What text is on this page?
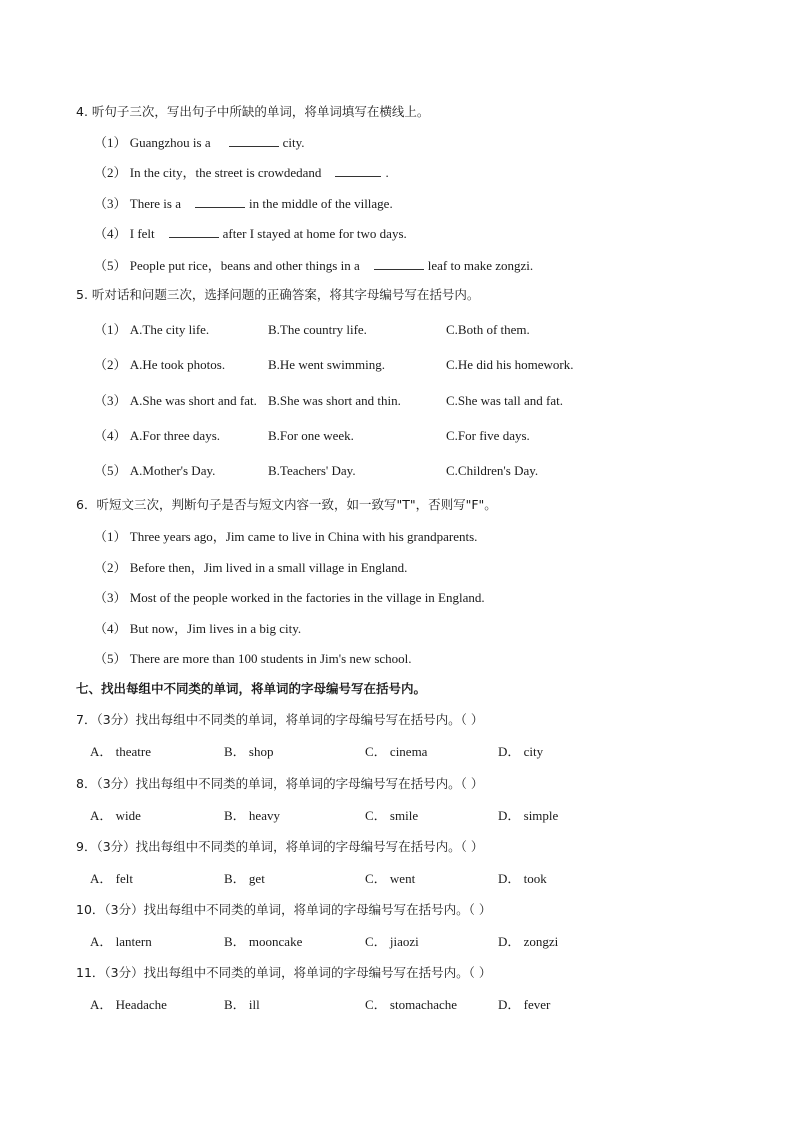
4. 听句子三次，写出句子中所缺的单词，将单词填写在横线上。
（1） Guangzhou is a	city.
（2） In the city，the street is crowdedand	.
（3） There is a	in the middle of the village.
（4） I felt	after I stayed at home for two days.
（5） People put rice，beans and other things in a	leaf to make zongzi.
5. 听对话和问题三次，选择问题的正确答案，将其字母编号写在括号内。
（1） A.The city life.	B.The country life.	C.Both of them.
（2） A.He took photos.	B.He went swimming.	C.He did his homework.
（3） A.She was short and fat. B.She was short and thin.	C.She was tall and fat.
（4） A.For three days.	B.For one week.	C.For five days.
（5） A.Mother's Day.	B.Teachers' Day.	C.Children's Day.
6．听短文三次，判断句子是否与短文内容一致，如一致写"T"，否则写"F"。
（1） Three years ago，Jim came to live in China with his grandparents.
（2） Before then，Jim lived in a small village in England.
（3） Most of the people worked in the factories in the village in England.
（4） But now，Jim lives in a big city.
（5） There are more than 100 students in Jim's new school.
七、找出每组中不同类的单词，将单词的字母编号写在括号内。
7．（3分）找出每组中不同类的单词，将单词的字母编号写在括号内。（ ）
A． theatre	B． shop	C． cinema	D． city
8．（3分）找出每组中不同类的单词，将单词的字母编号写在括号内。（ ）
A． wide	B． heavy	C． smile	D． simple
9．（3分）找出每组中不同类的单词，将单词的字母编号写在括号内。（ ）
A． felt	B． get	C． went	D． took
10．（3分）找出每组中不同类的单词，将单词的字母编号写在括号内。（ ）
A． lantern	B． mooncake	C． jiaozi	D． zongzi
11．（3分）找出每组中不同类的单词，将单词的字母编号写在括号内。（ ）
A． Headache	B． ill	C． stomachache	D． fever
